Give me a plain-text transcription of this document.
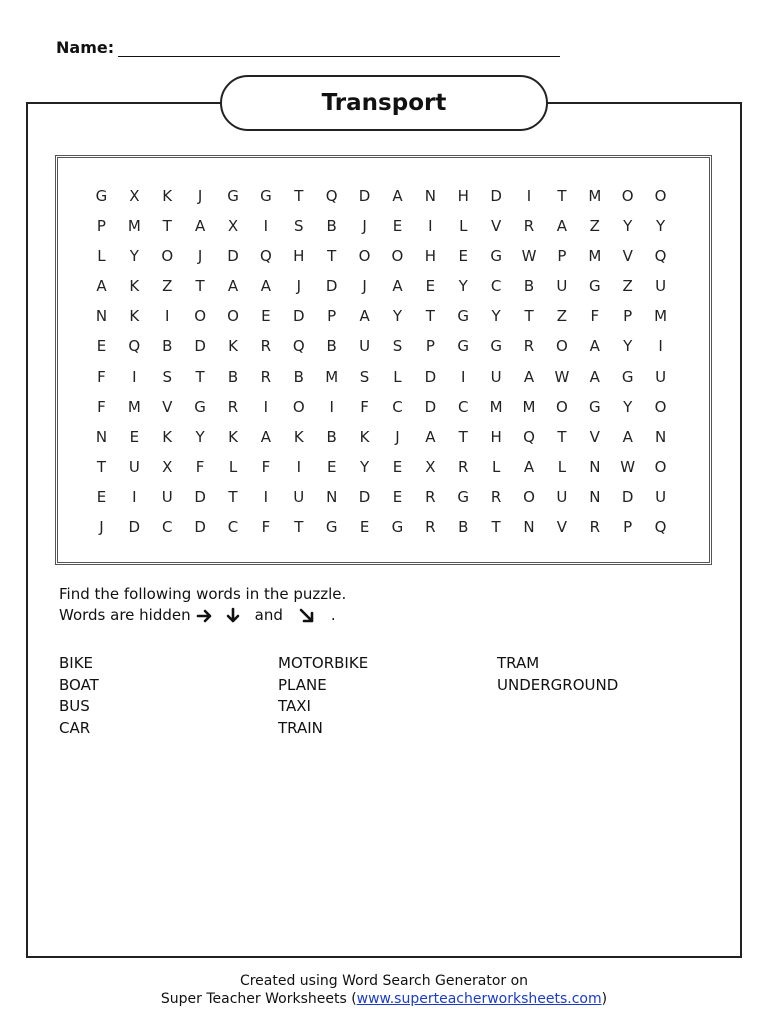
Name:
Transport
G	X	K	J	G	G	T	Q	D	A	N	H	D	I	T	M	O	O
P	M	T	A	X	I	S	B	J	E	I	L	V	R	A	Z	Y	Y
L	Y	O	J	D	Q	H	T	O	O	H	E	G	W	P	M	V	Q
A	K	Z	T	A	A	J	D	J	A	E	Y	C	B	U	G	Z	U
N	K	I	O	O	E	D	P	A	Y	T	G	Y	T	Z	F	P	M
E	Q	B	D	K	R	Q	B	U	S	P	G	G	R	O	A	Y	I
F	I	S	T	B	R	B	M	S	L	D	I	U	A	W	A	G	U
F	M	V	G	R	I	O	I	F	C	D	C	M	M	O	G	Y	O
N	E	K	Y	K	A	K	B	K	J	A	T	H	Q	T	V	A	N
T	U	X	F	L	F	I	E	Y	E	X	R	L	A	L	N	W	O
E	I	U	D	T	I	U	N	D	E	R	G	R	O	U	N	D	U
J	D	C	D	C	F	T	G	E	G	R	B	T	N	V	R	P	Q
Find the following words in the puzzle.
Words are hidden	and	.
BIKE
BOAT
BUS
CAR
MOTORBIKE
PLANE
TAXI
TRAIN
TRAM
UNDERGROUND
Created using Word Search Generator on
Super Teacher Worksheets (www.superteacherworksheets.com)
